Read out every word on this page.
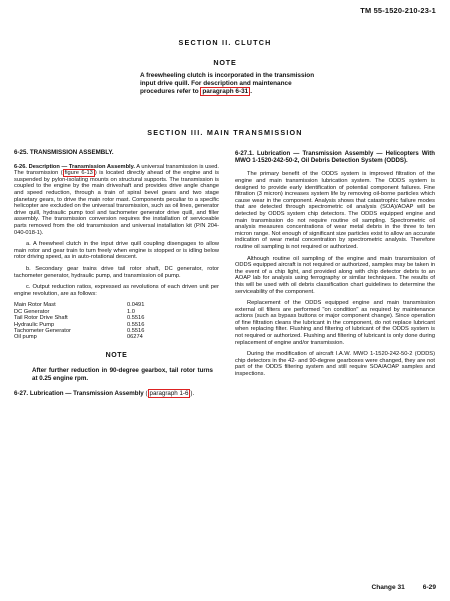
TM 55-1520-210-23-1
SECTION II. CLUTCH
NOTE
A freewheeling clutch is incorporated in the transmission input drive quill. For description and maintenance procedures refer to paragraph 6-31 .
SECTION III. MAIN TRANSMISSION

6-25. TRANSMISSION ASSEMBLY.

6-26. Description — Transmission Assembly. A universal transmission is used. The transmission ( figure 6-13 ) is located directly ahead of the engine and is suspended by pylon-isolating mounts on structural supports. The transmission is coupled to the engine by the main driveshaft and provides drive angle change and speed reduction, through a train of spiral bevel gears and two stage planetary gears, to drive the main rotor mast. Components peculiar to a specific helicopter are excluded on the universal transmission, such as oil lines, generator drive quill, hydraulic pump tool and tachometer generator drive quill, and filler assembly. The transmission conversion requires the installation of serviceable parts removed from the old transmission and universal installation kit (P/N 204-040-018-1).

a. A freewheel clutch in the input drive quill coupling disengages to allow main rotor and gear train to turn freely when engine is stopped or is idling below rotor driving speed, as in auto-rotational descent.

b. Secondary gear trains drive tail rotor shaft, DC generator, rotor tachometer generator, hydraulic pump, and transmission oil pump.

c. Output reduction ratios, expressed as revolutions of each driven unit per engine revolution, are as follows:

Main Rotor Mast	0.0491
DC Generator	1.0
Tail Rotor Drive Shaft	0.5516
Hydraulic Pump	0.5516
Tachometer Generator	0.5516
Oil pump	06274

NOTE

After further reduction in 90-degree gearbox, tail rotor turns at 0.25 engine rpm.

6-27. Lubrication — Transmission Assembly ( paragraph 1-6 ).

6-27.1. Lubrication — Transmission Assembly — Helicopters With MWO 1-1520-242-50-2, Oil Debris Detection System (ODDS).

The primary benefit of the ODDS system is improved filtration of the engine and main transmission lubrication system. The ODDS system is designed to provide early identification of potential component failures. Fine filtration (3 micron) increases system life by removing oil-borne particles which cause wear in the component. Analysis shows that catastrophic failure modes that are detected through spectrometric oil analysis (SOA)/AOAP will be detected by ODDS system chip detectors. The ODDS equipped engine and main transmission do not require routine oil sampling. Spectrometric oil analysis measures concentrations of wear metal debris in the three to ten micron range. Not enough of significant size particles exist to allow an accurate indication of wear metal concentration by spectrometric analysis. Therefore routine oil sampling is not required or authorized.

Although routine oil sampling of the engine and main transmission of ODDS equipped aircraft is not required or authorized, samples may be taken in the event of a chip light, and provided along with chip detector debris to an AOAP lab for analysis using ferrography or similar techniques. The results of this will be used with oil debris classification chart guidelines to determine the serviceability of the component.

Replacement of the ODDS equipped engine and main transmission external oil filters are performed "on condition" as required by maintenance actions (such as bypass buttons or major component change). Since operation of fine filtration cleans the lubricant in the component, do not replace lubricant when replacing filter. Flushing and filtering of lubricant of the ODDS system is not required or authorized. Flushing and filtering of lubricant is only done during replacement of engine and/or transmission.

During the modification of aircraft I.A.W. MWO 1-1520-242-50-2 (ODDS) chip detectors in the 42- and 90-degree gearboxes were changed, they are not part of the ODDS filtering system and still require SOA/AOAP samples and inspections.

Change 31	6-29
